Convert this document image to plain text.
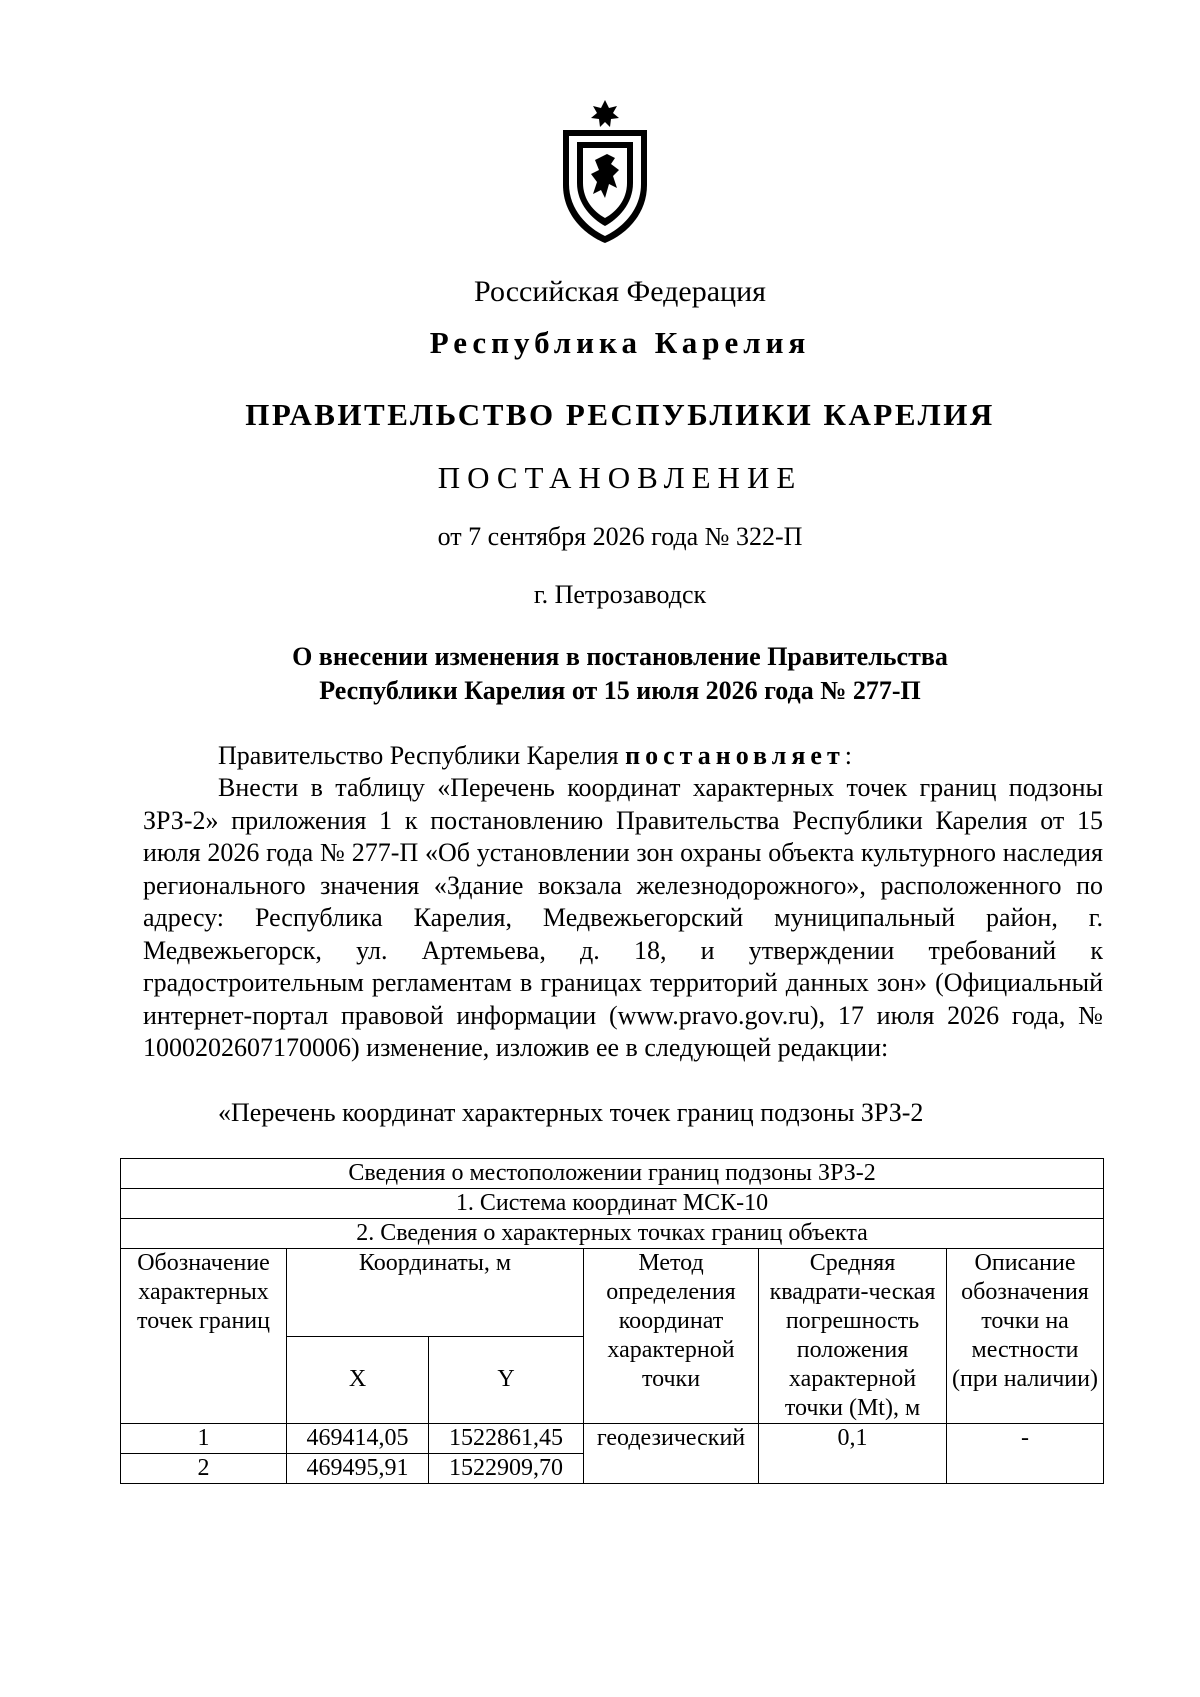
Российская Федерация
Республика Карелия
ПРАВИТЕЛЬСТВО РЕСПУБЛИКИ КАРЕЛИЯ
ПОСТАНОВЛЕНИЕ
от 7 сентября 2026 года № 322-П
г. Петрозаводск
О внесении изменения в постановление Правительства
Республики Карелия от 15 июля 2026 года № 277-П
Правительство Республики Карелия постановляет:
Внести в таблицу «Перечень координат характерных точек границ подзоны ЗРЗ-2» приложения 1 к постановлению Правительства Республики Карелия от 15 июля 2026 года № 277-П «Об установлении зон охраны объекта культурного наследия регионального значения «Здание вокзала железнодорожного», расположенного по адресу: Республика Карелия, Медвежьегорский муниципальный район, г. Медвежьегорск, ул. Артемьева, д. 18, и утверждении требований к градостроительным регламентам в границах территорий данных зон» (Официальный интернет-портал правовой информации (www.pravo.gov.ru), 17 июля 2026 года, № 1000202607170006) изменение, изложив ее в следующей редакции:
«Перечень координат характерных точек границ подзоны ЗРЗ-2
Сведения о местоположении границ подзоны ЗРЗ-2					
1. Система координат МСК-10					
2. Сведения о характерных точках границ объекта					
Обозначение характерных точек границ	Координаты, м		Метод определения координат характерной точки	Средняя квадрати-ческая погрешность положения характерной точки (Mt), м	Описание обозначения точки на местности (при наличии)
	X	Y			
1	469414,05	1522861,45	геодезический	0,1	-
2	469495,91	1522909,70			
